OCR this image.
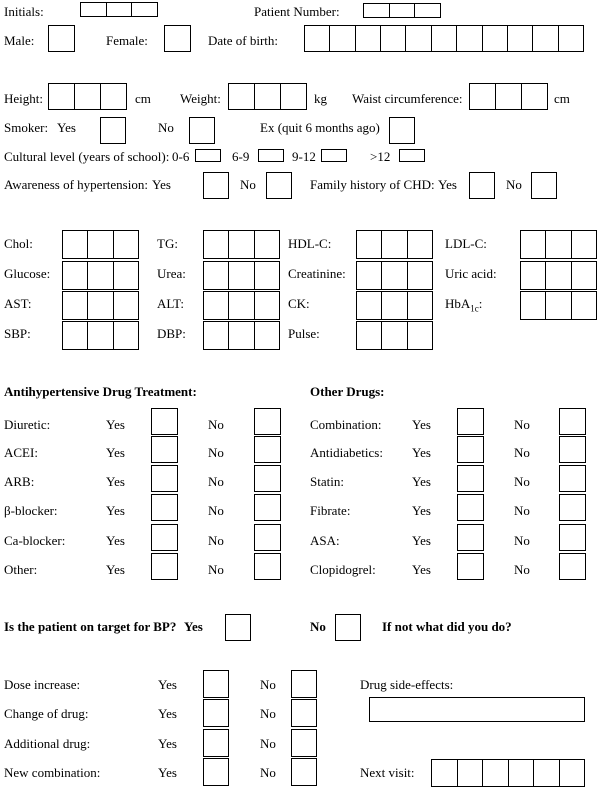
Initials:	Patient Number:
Male:	Female:	Date of birth:
Height:	cm Weight:	kg Waist circumference:	cm
Smoker: Yes	No	Ex (quit 6 months ago)
Cultural level (years of school): 0-6	6-9	9-12	>12
Awareness of hypertension: Yes	No	Family history of CHD: Yes	No
Chol:	TG:	HDL-C:	LDL-C:
Glucose:	Urea:	Creatinine:	Uric acid:
AST:	ALT:	CK:	HbA$_{1c}$:
SBP:	DBP:	Pulse:
Antihypertensive Drug Treatment:	Other Drugs:
Diuretic:	Yes	No	Combination: Yes	No
ACEI:	Yes	No	Antidiabetics: Yes	No
ARB:	Yes	No	Statin:	Yes	No
β-blocker:	Yes	No	Fibrate:	Yes	No
Ca-blocker:	Yes	No	ASA:	Yes	No
Other:	Yes	No	Clopidogrel:	Yes	No
Is the patient on target for BP? Yes	No	If not what did you do?
Dose increase:	Yes	No
Change of drug:	Yes	No
Additional drug:	Yes	No
New combination:	Yes	No
Drug side-effects:
Next visit:
